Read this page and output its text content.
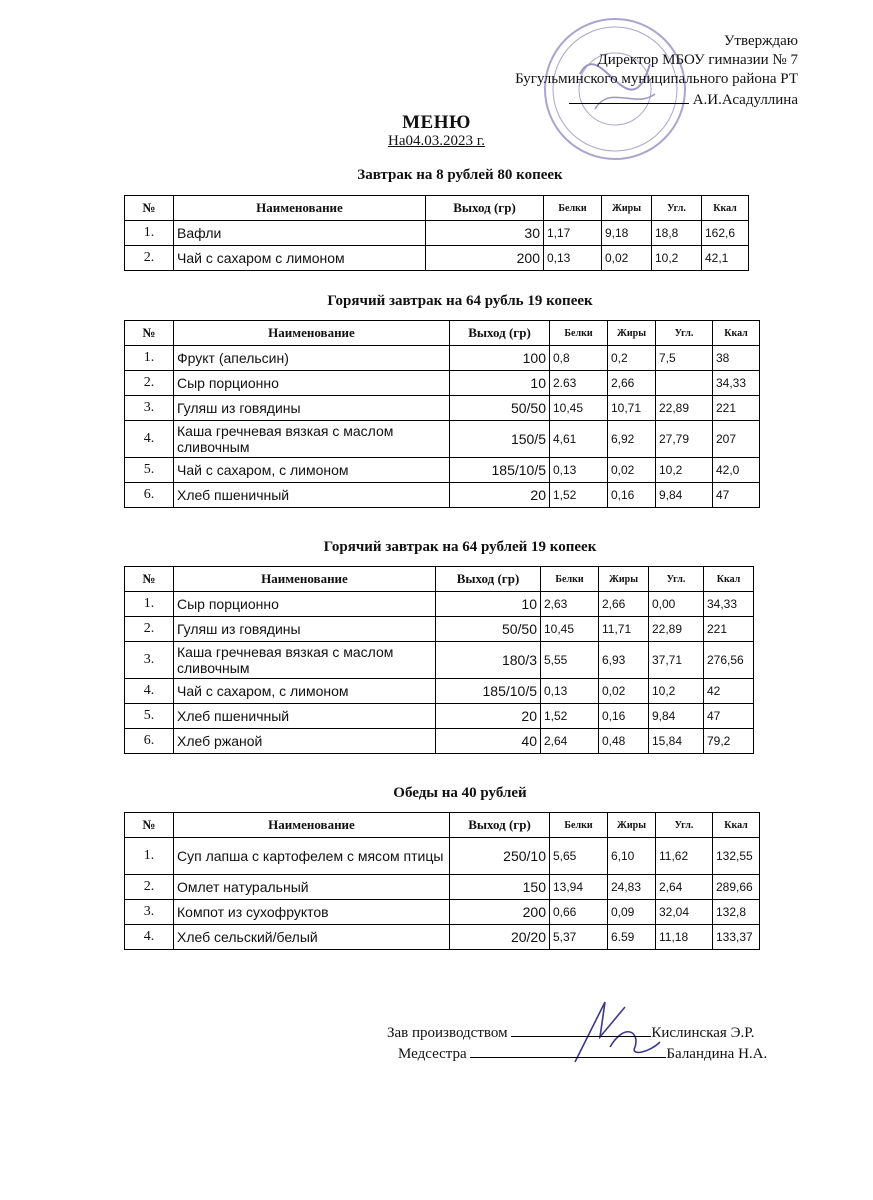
Утверждаю
Директор МБОУ гимназии № 7
Бугульминского муниципального района РТ
А.И.Асадуллина
МЕНЮ
На04.03.2023 г.
Завтрак на 8 рублей 80 копеек
№	Наименование	Выход (гр)	Белки	Жиры	Угл.	Ккал
1.	Вафли	30	1,17	9,18	18,8	162,6
2.	Чай с сахаром с лимоном	200	0,13	0,02	10,2	42,1
Горячий завтрак на 64 рубль 19 копеек
№	Наименование	Выход (гр)	Белки	Жиры	Угл.	Ккал
1.	Фрукт (апельсин)	100	0,8	0,2	7,5	38
2.	Сыр порционно	10	2.63	2,66		34,33
3.	Гуляш из говядины	50/50	10,45	10,71	22,89	221
4.	Каша гречневая вязкая с маслом сливочным	150/5	4,61	6,92	27,79	207
5.	Чай с сахаром, с лимоном	185/10/5	0,13	0,02	10,2	42,0
6.	Хлеб пшеничный	20	1,52	0,16	9,84	47
Горячий завтрак на 64 рублей 19 копеек
№	Наименование	Выход (гр)	Белки	Жиры	Угл.	Ккал
1.	Сыр порционно	10	2,63	2,66	0,00	34,33
2.	Гуляш из говядины	50/50	10,45	11,71	22,89	221
3.	Каша гречневая вязкая с маслом сливочным	180/3	5,55	6,93	37,71	276,56
4.	Чай с сахаром, с лимоном	185/10/5	0,13	0,02	10,2	42
5.	Хлеб пшеничный	20	1,52	0,16	9,84	47
6.	Хлеб ржаной	40	2,64	0,48	15,84	79,2
Обеды на 40 рублей
№	Наименование	Выход (гр)	Белки	Жиры	Угл.	Ккал
1.	Суп лапша с картофелем с мясом птицы	250/10	5,65	6,10	11,62	132,55
2.	Омлет натуральный	150	13,94	24,83	2,64	289,66
3.	Компот из сухофруктов	200	0,66	0,09	32,04	132,8
4.	Хлеб сельский/белый	20/20	5,37	6.59	11,18	133,37
Зав производством	Кислинская Э.Р.
Медсестра	Баландина Н.А.
